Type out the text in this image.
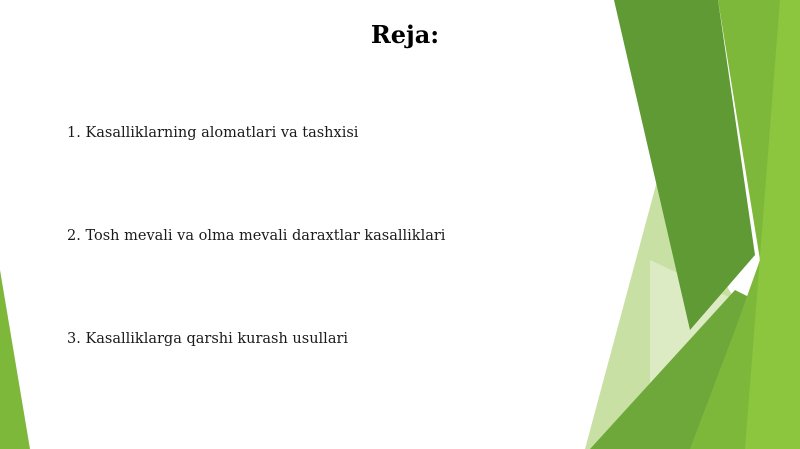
Reja:
1. Kasalliklarning alomatlari va tashxisi
2. Tosh mevali va olma mevali daraxtlar kasalliklari
3. Kasalliklarga qarshi kurash usullari
